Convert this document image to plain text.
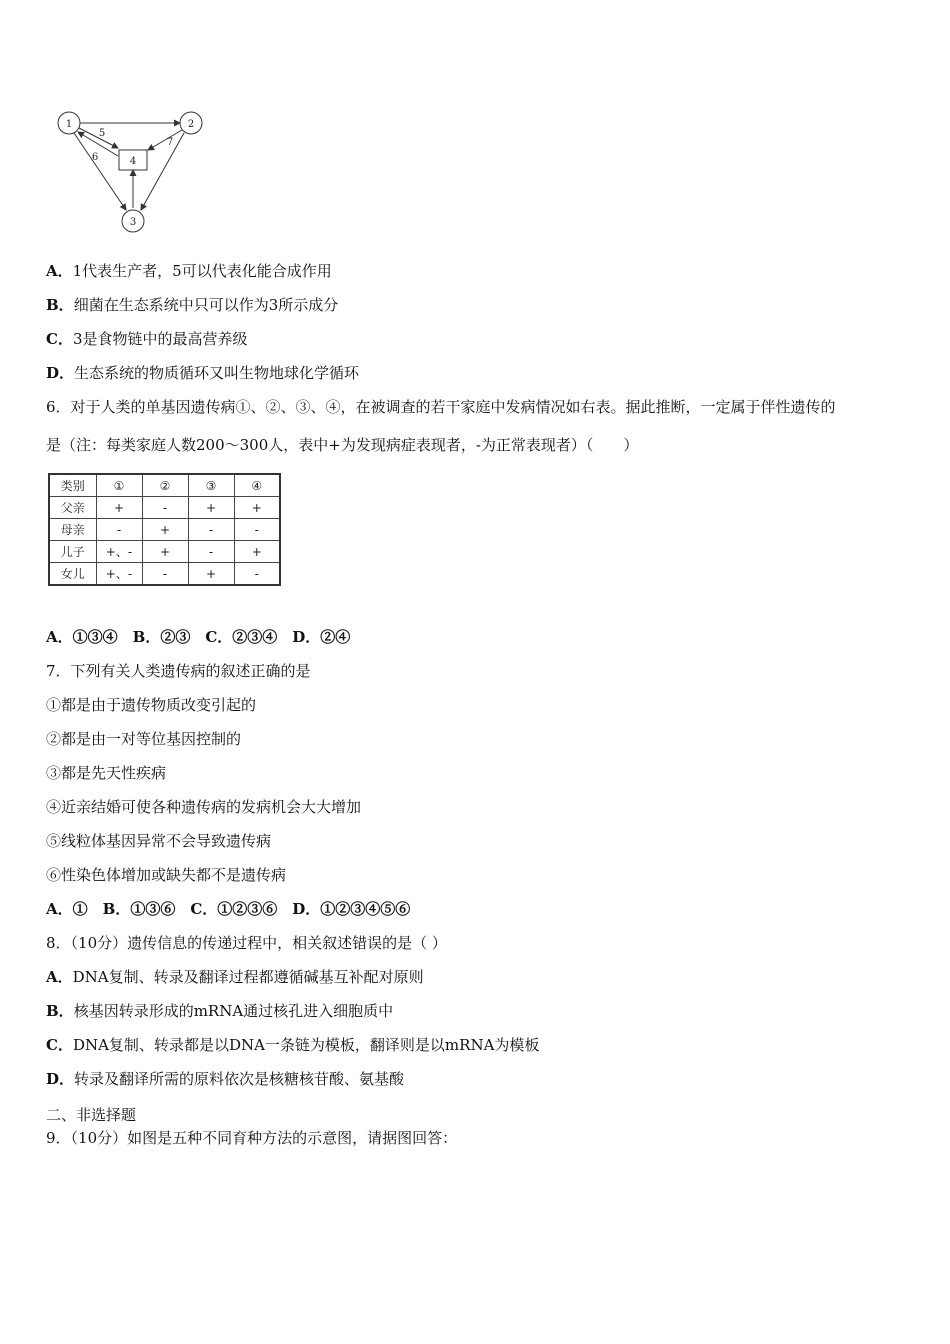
1	2
3
4
5
6
7
A．1代表生产者，5可以代表化能合成作用
B．细菌在生态系统中只可以作为3所示成分
C．3是食物链中的最高营养级
D．生态系统的物质循环又叫生物地球化学循环
6．对于人类的单基因遗传病①、②、③、④，在被调查的若干家庭中发病情况如右表。据此推断，一定属于伴性遗传的
是（注：每类家庭人数200～300人，表中+为发现病症表现者，-为正常表现者）（　　）
类别	①	②	③	④
父亲	+	-	+	+
母亲	-	+	-	-
儿子	+、-	+	-	+
女儿	+、-	-	+	-
A．①③④　B．②③　C．②③④　D．②④
7．下列有关人类遗传病的叙述正确的是
①都是由于遗传物质改变引起的
②都是由一对等位基因控制的
③都是先天性疾病
④近亲结婚可使各种遗传病的发病机会大大增加
⑤线粒体基因异常不会导致遗传病
⑥性染色体增加或缺失都不是遗传病
A．①　B．①③⑥　C．①②③⑥　D．①②③④⑤⑥
8．（10分）遗传信息的传递过程中，相关叙述错误的是（ ）
A．DNA复制、转录及翻译过程都遵循碱基互补配对原则
B．核基因转录形成的mRNA通过核孔进入细胞质中
C．DNA复制、转录都是以DNA一条链为模板，翻译则是以mRNA为模板
D．转录及翻译所需的原料依次是核糖核苷酸、氨基酸
二、非选择题
9．（10分）如图是五种不同育种方法的示意图，请据图回答：
